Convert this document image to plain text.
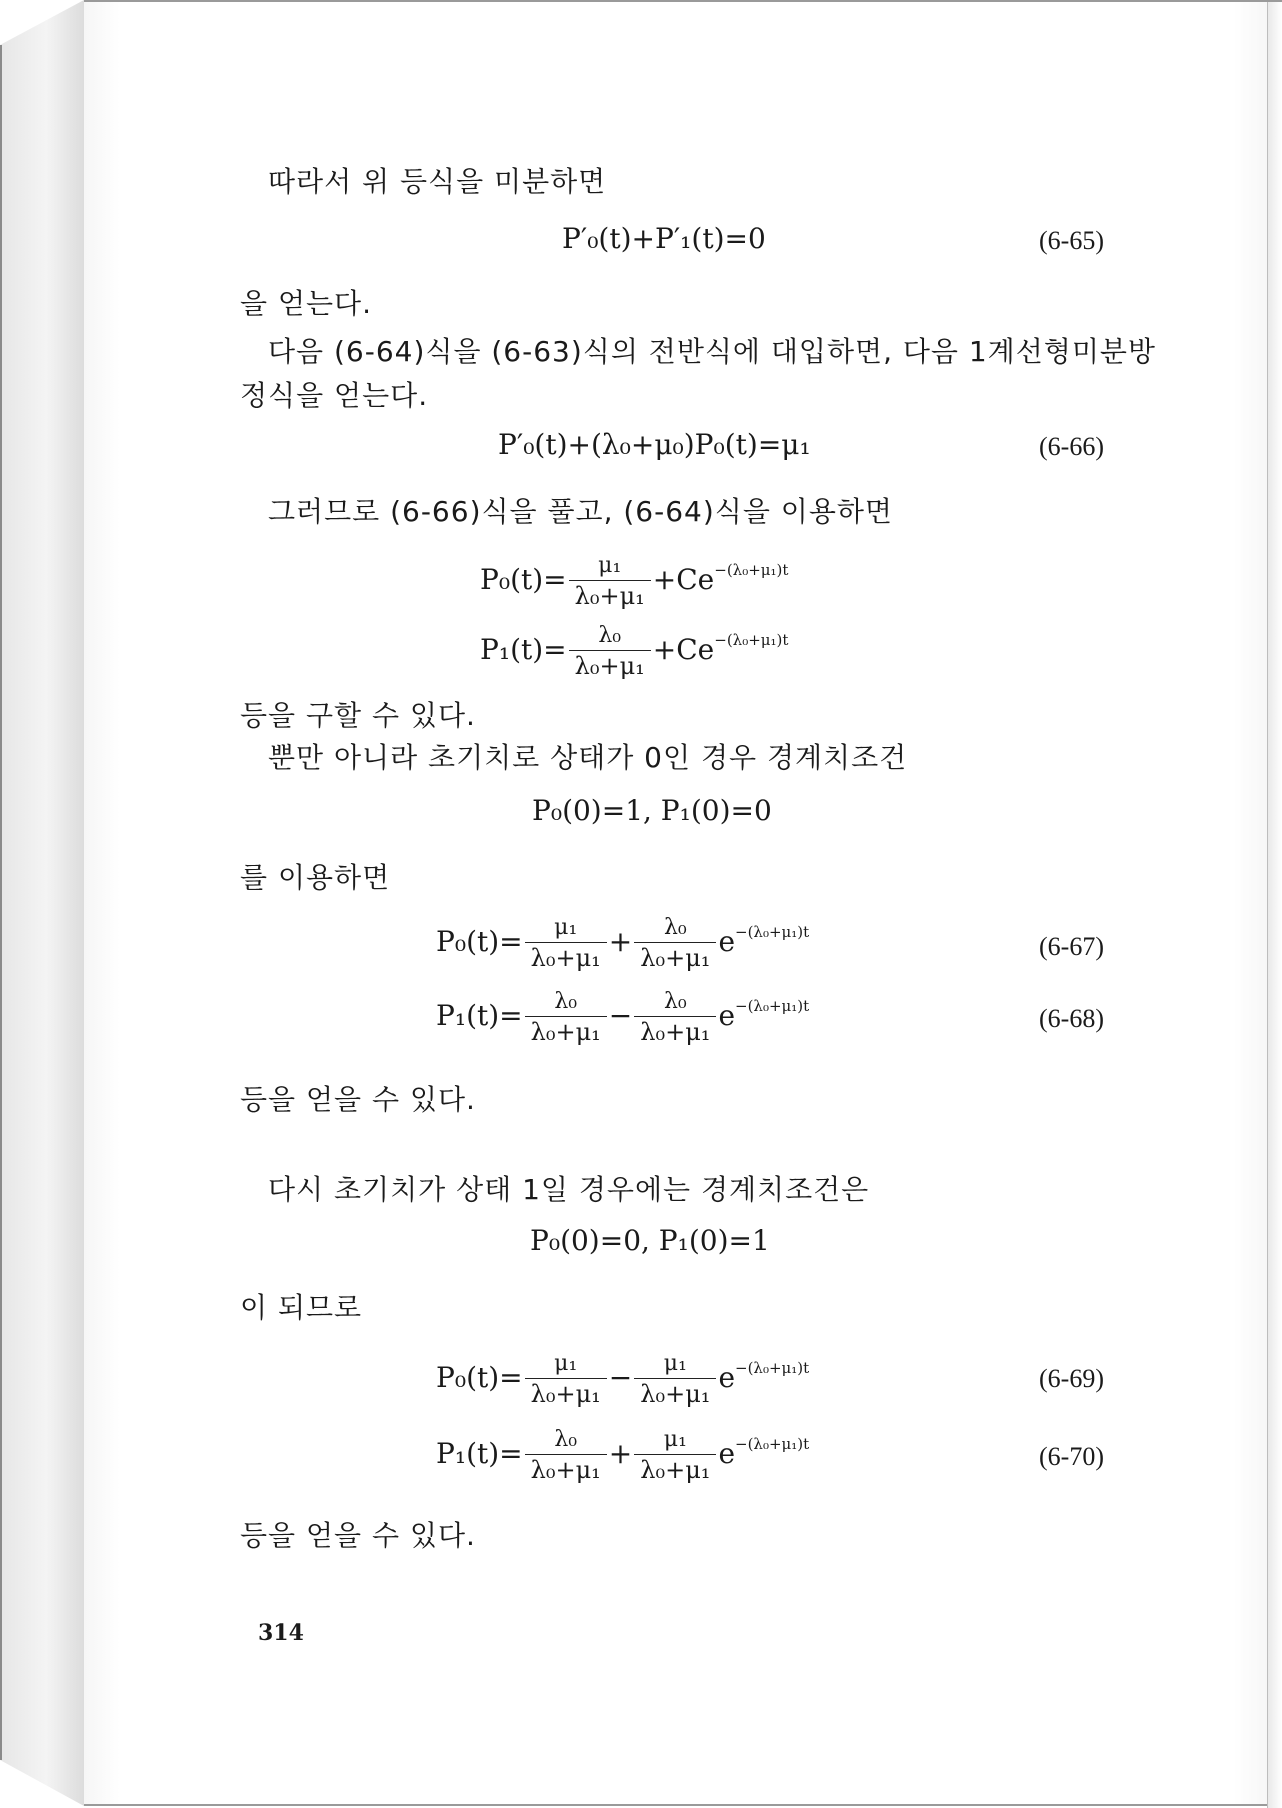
따라서 위 등식을 미분하면
P′₀(t)+P′₁(t)=0	(6-65)
을 얻는다.
다음 (6-64)식을 (6-63)식의 전반식에 대입하면, 다음 1계선형미분방
정식을 얻는다.
P′₀(t)+(λ₀+μ₀)P₀(t)=μ₁	(6-66)
그러므로 (6-66)식을 풀고, (6-64)식을 이용하면
$P_0(t)= \frac{\text{μ₁}}{\text{λ₀+μ₁}} +Ce^{-(\lambda_0+\mu_1)t}$
$P_1(t)= \frac{\text{λ₀}}{\text{λ₀+μ₁}} +Ce^{-(\lambda_0+\mu_1)t}$
등을 구할 수 있다.
뿐만 아니라 초기치로 상태가 0인 경우 경계치조건
P₀(0)=1, P₁(0)=0
를 이용하면
$P_0(t)= \frac{\text{μ₁}}{\text{λ₀+μ₁}} + \frac{\text{λ₀}}{\text{λ₀+μ₁}} e^{-(\lambda_0+\mu_1)t}$	(6-67)
$P_1(t)= \frac{\text{λ₀}}{\text{λ₀+μ₁}} - \frac{\text{λ₀}}{\text{λ₀+μ₁}} e^{-(\lambda_0+\mu_1)t}$	(6-68)
등을 얻을 수 있다.
다시 초기치가 상태 1일 경우에는 경계치조건은
P₀(0)=0, P₁(0)=1
이 되므로
$P_0(t)= \frac{\text{μ₁}}{\text{λ₀+μ₁}} - \frac{\text{μ₁}}{\text{λ₀+μ₁}} e^{-(\lambda_0+\mu_1)t}$	(6-69)
$P_1(t)= \frac{\text{λ₀}}{\text{λ₀+μ₁}} + \frac{\text{μ₁}}{\text{λ₀+μ₁}} e^{-(\lambda_0+\mu_1)t}$	(6-70)
등을 얻을 수 있다.
314
